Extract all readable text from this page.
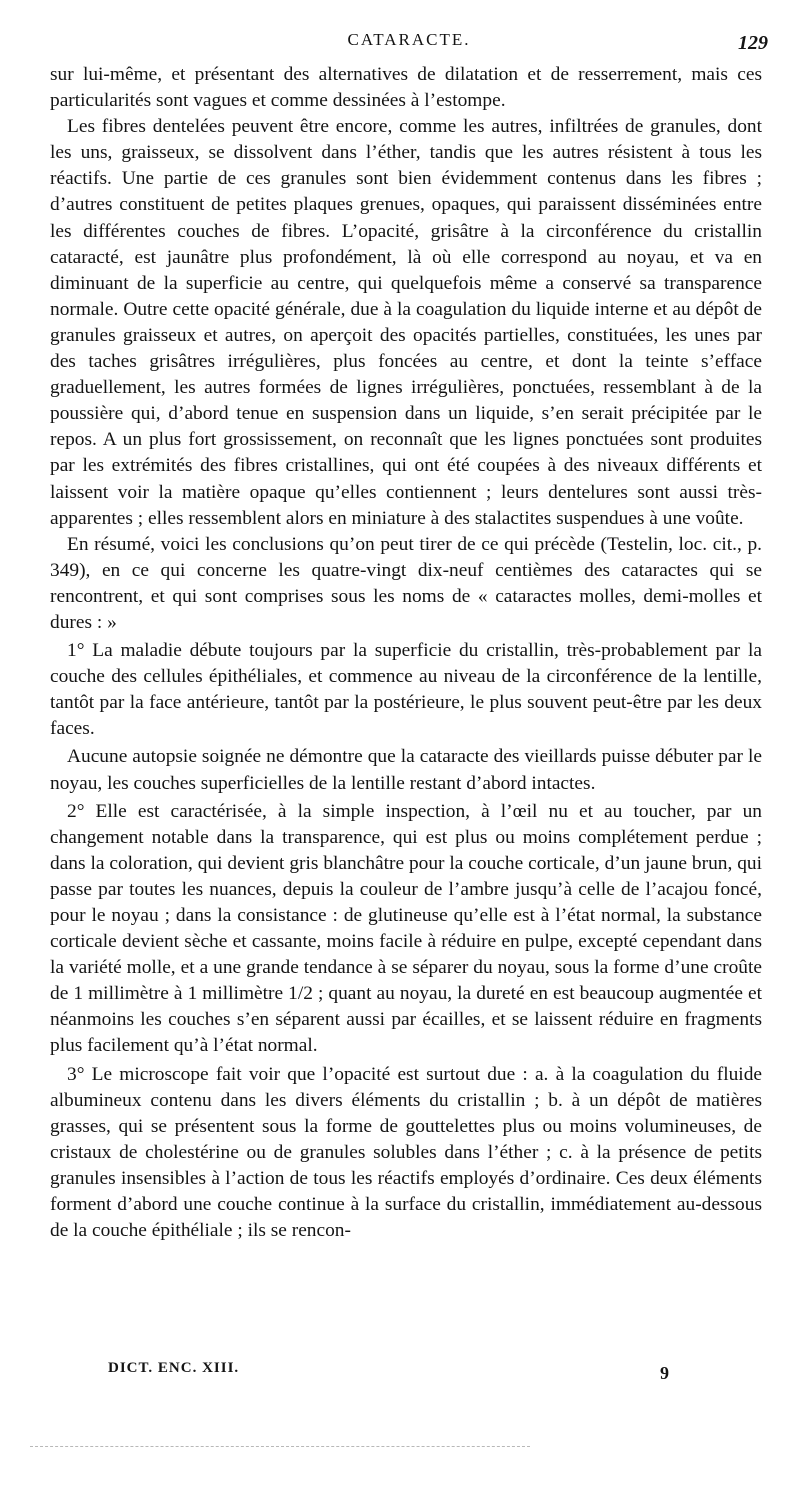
CATARACTE.	129

sur lui-même, et présentant des alternatives de dilatation et de resserrement, mais ces particularités sont vagues et comme dessinées à l’estompe.

Les fibres dentelées peuvent être encore, comme les autres, infiltrées de granules, dont les uns, graisseux, se dissolvent dans l’éther, tandis que les autres résistent à tous les réactifs. Une partie de ces granules sont bien évidemment contenus dans les fibres ; d’autres constituent de petites plaques grenues, opaques, qui paraissent disséminées entre les différentes couches de fibres. L’opacité, grisâtre à la circonférence du cristallin cataracté, est jaunâtre plus profondément, là où elle correspond au noyau, et va en diminuant de la superficie au centre, qui quelquefois même a conservé sa transparence normale. Outre cette opacité générale, due à la coagulation du liquide interne et au dépôt de granules graisseux et autres, on aperçoit des opacités partielles, constituées, les unes par des taches grisâtres irrégulières, plus foncées au centre, et dont la teinte s’efface graduellement, les autres formées de lignes irrégulières, ponctuées, ressemblant à de la poussière qui, d’abord tenue en suspension dans un liquide, s’en serait précipitée par le repos. A un plus fort grossissement, on reconnaît que les lignes ponctuées sont produites par les extrémités des fibres cristallines, qui ont été coupées à des niveaux différents et laissent voir la matière opaque qu’elles contiennent ; leurs dentelures sont aussi très-apparentes ; elles ressemblent alors en miniature à des stalactites suspendues à une voûte.

En résumé, voici les conclusions qu’on peut tirer de ce qui précède (Testelin, loc. cit., p. 349), en ce qui concerne les quatre-vingt dix-neuf centièmes des cataractes qui se rencontrent, et qui sont comprises sous les noms de « cataractes molles, demi-molles et dures : »

1° La maladie débute toujours par la superficie du cristallin, très-probablement par la couche des cellules épithéliales, et commence au niveau de la circonférence de la lentille, tantôt par la face antérieure, tantôt par la postérieure, le plus souvent peut-être par les deux faces.

Aucune autopsie soignée ne démontre que la cataracte des vieillards puisse débuter par le noyau, les couches superficielles de la lentille restant d’abord intactes.

2° Elle est caractérisée, à la simple inspection, à l’œil nu et au toucher, par un changement notable dans la transparence, qui est plus ou moins complétement perdue ; dans la coloration, qui devient gris blanchâtre pour la couche corticale, d’un jaune brun, qui passe par toutes les nuances, depuis la couleur de l’ambre jusqu’à celle de l’acajou foncé, pour le noyau ; dans la consistance : de glutineuse qu’elle est à l’état normal, la substance corticale devient sèche et cassante, moins facile à réduire en pulpe, excepté cependant dans la variété molle, et a une grande tendance à se séparer du noyau, sous la forme d’une croûte de 1 millimètre à 1 millimètre 1/2 ; quant au noyau, la dureté en est beaucoup augmentée et néanmoins les couches s’en séparent aussi par écailles, et se laissent réduire en fragments plus facilement qu’à l’état normal.

3° Le microscope fait voir que l’opacité est surtout due : a. à la coagulation du fluide albumineux contenu dans les divers éléments du cristallin ; b. à un dépôt de matières grasses, qui se présentent sous la forme de gouttelettes plus ou moins volumineuses, de cristaux de cholestérine ou de granules solubles dans l’éther ; c. à la présence de petits granules insensibles à l’action de tous les réactifs employés d’ordinaire. Ces deux éléments forment d’abord une couche continue à la surface du cristallin, immédiatement au-dessous de la couche épithéliale ; ils se rencon-

DICT. ENC. XIII.	9
